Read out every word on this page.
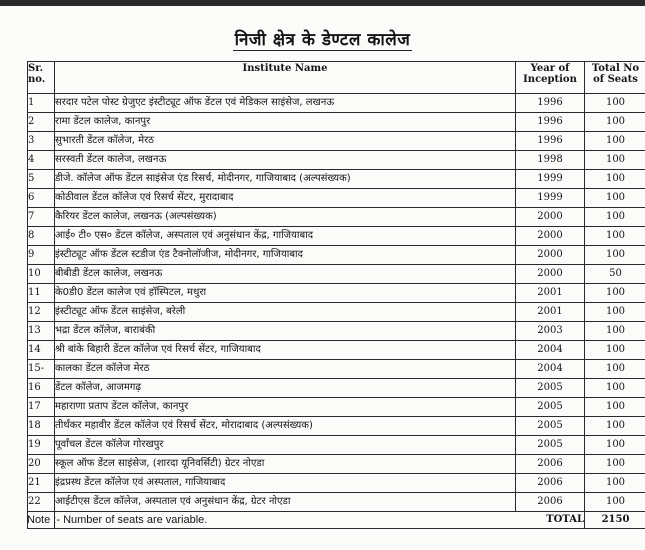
निजी क्षेत्र के डेण्टल कालेज
Sr. no.	Institute Name	Year of Inception	Total No of Seats
1	सरदार पटेल पोस्ट ग्रेजुएट इंस्टीट्यूट ऑफ डेंटल एवं मेडिकल साइंसेज, लखनऊ	1996	100
2	रामा डेंटल कालेज, कानपुर	1996	100
3	सुभारती डेंटल कॉलेज, मेरठ	1996	100
4	सरस्वती डेंटल कालेज, लखनऊ	1998	100
5	डीजे. कॉलेज ऑफ डेंटल साइंसेज एंड रिसर्च, मोदीनगर, गाजियाबाद (अल्पसंख्यक)	1999	100
6	कोठीवाल डेंटल कॉलेज एवं रिसर्च सेंटर, मुरादाबाद	1999	100
7	कैरियर डेंटल कालेज, लखनऊ (अल्पसंख्यक)	2000	100
8	आई० टी० एस० डेंटल कॉलेज, अस्पताल एवं अनुसंधान केंद्र, गाजियाबाद	2000	100
9	इंस्टीट्यूट ऑफ डेंटल स्टडीज एंड टैक्नोलॉजीज, मोदीनगर, गाजियाबाद	2000	100
10	बीबीडी डेंटल कालेज, लखनऊ	2000	50
11	के0डी0 डेंटल कालेज एवं हॉस्पिटल, मथुरा	2001	100
12	इंस्टीट्यूट ऑफ डेंटल साइंसेज, बरेली	2001	100
13	भद्रा डेंटल कॉलेज, बाराबंकी	2003	100
14	श्री बांके बिहारी डेंटल कॉलेज एवं रिसर्च सेंटर, गाजियाबाद	2004	100
15-	कालका डेंटल कॉलेज मेरठ	2004	100
16	डेंटल कॉलेज, आजमगढ़	2005	100
17	महाराणा प्रताप डेंटल कॉलेज, कानपुर	2005	100
18	तीर्थंकर महावीर डेंटल कॉलेज एवं रिसर्च सेंटर, मोरादाबाद (अल्पसंख्यक)	2005	100
19	पूर्वांचल डेंटल कॉलेज गोरखपुर	2005	100
20	स्कूल ऑफ डेंटल साइंसेज, (शारदा यूनिवर्सिटी) ग्रेटर नोएडा	2006	100
21	इंद्रप्रस्थ डेंटल कॉलेज एवं अस्पताल, गाजियाबाद	2006	100
22	आईटीएस डेंटल कॉलेज, अस्पताल एवं अनुसंधान केंद्र, ग्रेटर नोएडा	2006	100
	TOTAL		2150
Note :- Number of seats are variable.
